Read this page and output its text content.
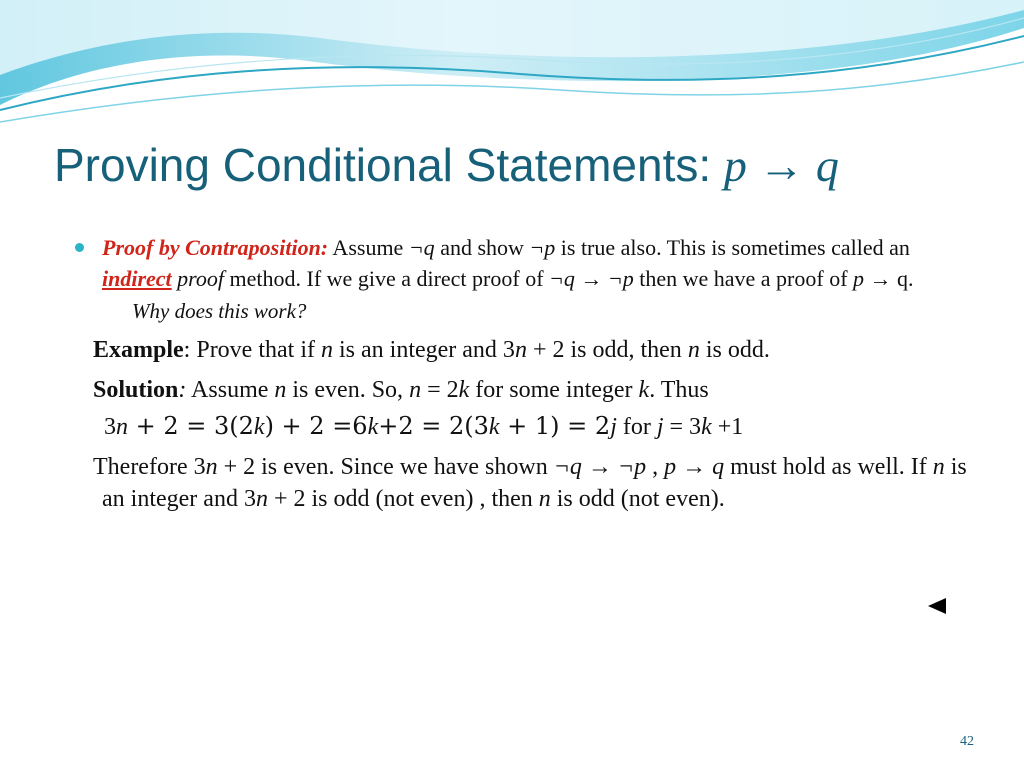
Proving Conditional Statements: p → q

Proof by Contraposition: Assume ¬q and show ¬p is true also. This is sometimes called an indirect proof method. If we give a direct proof of ¬q → ¬p then we have a proof of p → q.

Why does this work?

Example: Prove that if n is an integer and 3n + 2 is odd, then n is odd.

Solution: Assume n is even. So, n = 2k for some integer k. Thus

3n + 2 = 3(2k) + 2 =6k+2 = 2(3k + 1) = 2j for j = 3k +1

Therefore 3n + 2 is even. Since we have shown ¬q → ¬p , p → q must hold as well. If n is an integer and 3n + 2 is odd (not even) , then n is odd (not even).

42
